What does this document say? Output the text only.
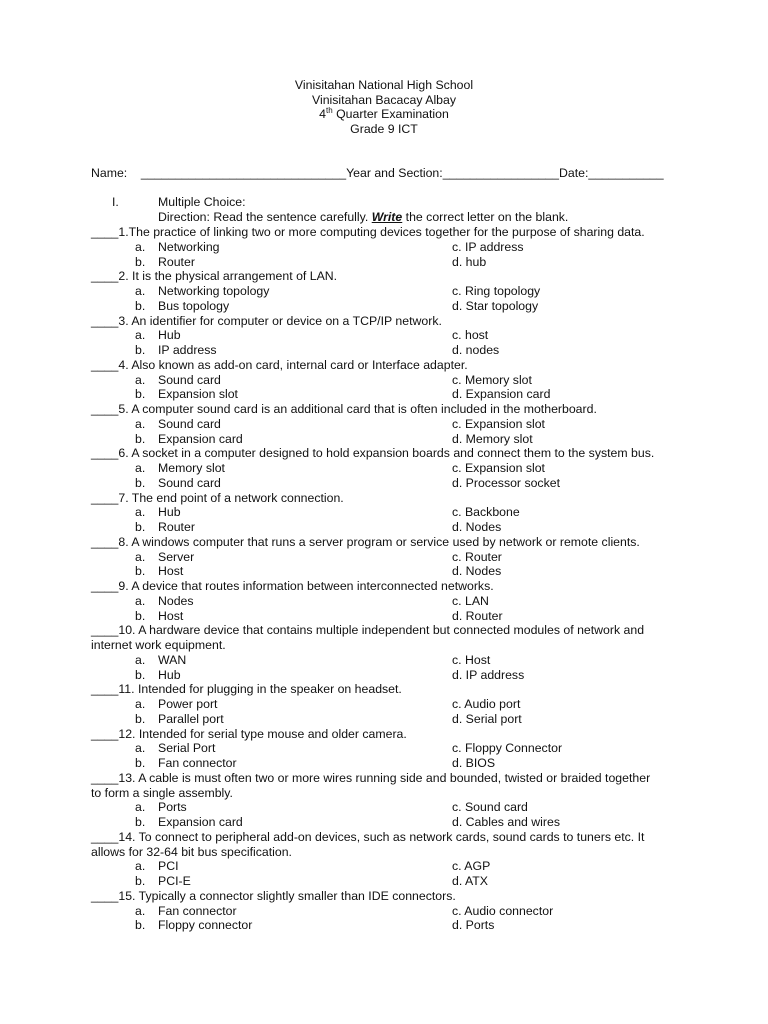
Vinisitahan National High School
Vinisitahan Bacacay Albay
4th Quarter Examination
Grade 9 ICT
Name: ______________________________Year and Section:_________________Date:___________
I.	Multiple Choice:
Direction: Read the sentence carefully. Write the correct letter on the blank.
____1.The practice of linking two or more computing devices together for the purpose of sharing data.
a. Networking	c. IP address
b. Router	d. hub
____2. It is the physical arrangement of LAN.
a. Networking topology	c. Ring topology
b. Bus topology	d. Star topology
____3. An identifier for computer or device on a TCP/IP network.
a. Hub	c. host
b. IP address	d. nodes
____4. Also known as add-on card, internal card or Interface adapter.
a. Sound card	c. Memory slot
b. Expansion slot	d. Expansion card
____5. A computer sound card is an additional card that is often included in the motherboard.
a. Sound card	c. Expansion slot
b. Expansion card	d. Memory slot
____6. A socket in a computer designed to hold expansion boards and connect them to the system bus.
a. Memory slot	c. Expansion slot
b. Sound card	d. Processor socket
____7. The end point of a network connection.
a. Hub	c. Backbone
b. Router	d. Nodes
____8. A windows computer that runs a server program or service used by network or remote clients.
a. Server	c. Router
b. Host	d. Nodes
____9. A device that routes information between interconnected networks.
a. Nodes	c. LAN
b. Host	d. Router
____10. A hardware device that contains multiple independent but connected modules of network and
internet work equipment.
a. WAN	c. Host
b. Hub	d. IP address
____11. Intended for plugging in the speaker on headset.
a. Power port	c. Audio port
b. Parallel port	d. Serial port
____12. Intended for serial type mouse and older camera.
a. Serial Port	c. Floppy Connector
b. Fan connector	d. BIOS
____13. A cable is must often two or more wires running side and bounded, twisted or braided together
to form a single assembly.
a. Ports	c. Sound card
b. Expansion card	d. Cables and wires
____14. To connect to peripheral add-on devices, such as network cards, sound cards to tuners etc. It
allows for 32-64 bit bus specification.
a. PCI	c. AGP
b. PCI-E	d. ATX
____15. Typically a connector slightly smaller than IDE connectors.
a. Fan connector	c. Audio connector
b. Floppy connector	d. Ports
